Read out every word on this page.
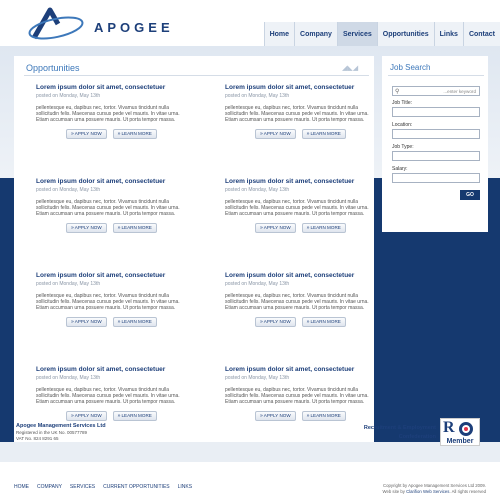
APOGEE	Home	Company	Services	Opportunities	Links	Contact
Opportunities	◢◣◢
Lorem ipsum dolor sit amet, consectetuer
posted on Monday, May 13th
pellentesque eu, dapibus nec, tortor. Vivamus tincidunt nulla sollicitudin felis. Maecenas cursus pede vel mauris. In vitae urna. Etiam accumsan urna posuere mauris. Ut porta tempor massa.
» APPLY NOW	» LEARN MORE
Lorem ipsum dolor sit amet, consectetuer
posted on Monday, May 13th
pellentesque eu, dapibus nec, tortor. Vivamus tincidunt nulla sollicitudin felis. Maecenas cursus pede vel mauris. In vitae urna. Etiam accumsan urna posuere mauris. Ut porta tempor massa.
» APPLY NOW	» LEARN MORE
Lorem ipsum dolor sit amet, consectetuer
posted on Monday, May 13th
pellentesque eu, dapibus nec, tortor. Vivamus tincidunt nulla sollicitudin felis. Maecenas cursus pede vel mauris. In vitae urna. Etiam accumsan urna posuere mauris. Ut porta tempor massa.
» APPLY NOW	» LEARN MORE
Lorem ipsum dolor sit amet, consectetuer
posted on Monday, May 13th
pellentesque eu, dapibus nec, tortor. Vivamus tincidunt nulla sollicitudin felis. Maecenas cursus pede vel mauris. In vitae urna. Etiam accumsan urna posuere mauris. Ut porta tempor massa.
» APPLY NOW	» LEARN MORE
Lorem ipsum dolor sit amet, consectetuer
posted on Monday, May 13th
pellentesque eu, dapibus nec, tortor. Vivamus tincidunt nulla sollicitudin felis. Maecenas cursus pede vel mauris. In vitae urna. Etiam accumsan urna posuere mauris. Ut porta tempor massa.
» APPLY NOW	» LEARN MORE
Lorem ipsum dolor sit amet, consectetuer
posted on Monday, May 13th
pellentesque eu, dapibus nec, tortor. Vivamus tincidunt nulla sollicitudin felis. Maecenas cursus pede vel mauris. In vitae urna. Etiam accumsan urna posuere mauris. Ut porta tempor massa.
» APPLY NOW	» LEARN MORE
Lorem ipsum dolor sit amet, consectetuer
posted on Monday, May 13th
pellentesque eu, dapibus nec, tortor. Vivamus tincidunt nulla sollicitudin felis. Maecenas cursus pede vel mauris. In vitae urna. Etiam accumsan urna posuere mauris. Ut porta tempor massa.
» APPLY NOW	» LEARN MORE
Lorem ipsum dolor sit amet, consectetuer
posted on Monday, May 13th
pellentesque eu, dapibus nec, tortor. Vivamus tincidunt nulla sollicitudin felis. Maecenas cursus pede vel mauris. In vitae urna. Etiam accumsan urna posuere mauris. Ut porta tempor massa.
» APPLY NOW	» LEARN MORE
Job Search
⚲	...enter keyword
Job Title:
Location:
Job Type:
Salary:
GO
Apogee Management Services Ltd
Registered in the UK No. 00577789
VAT No. 824 8291 65
Recruitment & Employment
Confederation
R
Member
HOME COMPANY SERVICES CURRENT OPPORTUNITIES LINKS	Copyright by Apogee Management Services Ltd 2009.
Web site by Clarifion Web Services. All rights reserved
